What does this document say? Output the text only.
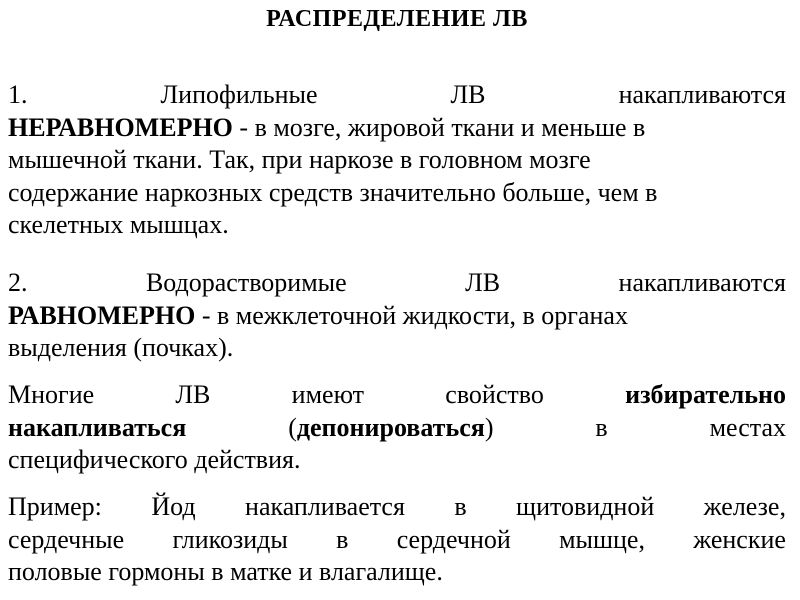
РАСПРЕДЕЛЕНИЕ ЛВ
1.	Липофильные	ЛВ	накапливаются
НЕРАВНОМЕРНО - в мозге, жировой ткани и меньше в
мышечной ткани. Так, при наркозе в головном мозге
содержание наркозных средств значительно больше, чем в
скелетных мышцах.
2.	Водорастворимые	ЛВ	накапливаются
РАВНОМЕРНО - в межклеточной жидкости, в органах
выделения (почках).
Многие	ЛВ	имеют	свойство	избирательно
накапливаться	(депонироваться)	в	местах
специфического действия.
Пример: Йод накапливается в щитовидной железе,
сердечные гликозиды в сердечной мышце, женские
половые гормоны в матке и влагалище.
